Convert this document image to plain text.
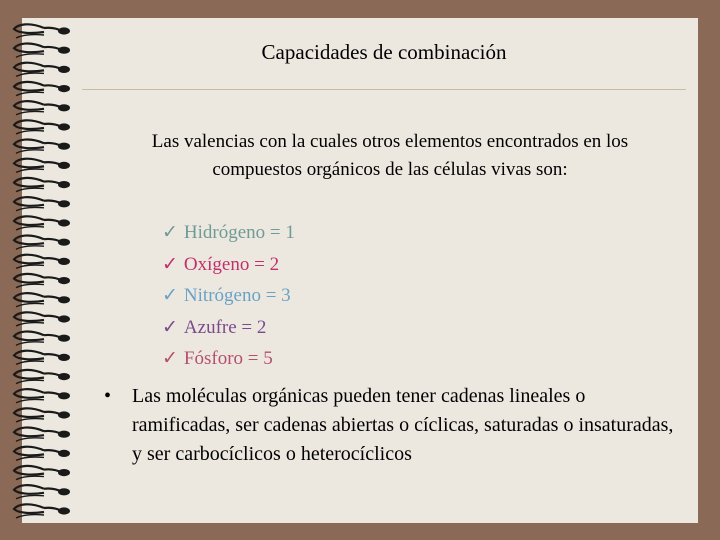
Capacidades de combinación
Las valencias con la cuales otros elementos encontrados en los compuestos orgánicos de las células vivas son:
✓ Hidrógeno = 1
✓ Oxígeno = 2
✓ Nitrógeno = 3
✓ Azufre = 2
✓ Fósforo = 5
• Las moléculas orgánicas pueden tener cadenas lineales o ramificadas, ser cadenas abiertas o cíclicas, saturadas o insaturadas, y ser carbocíclicos o heterocíclicos
